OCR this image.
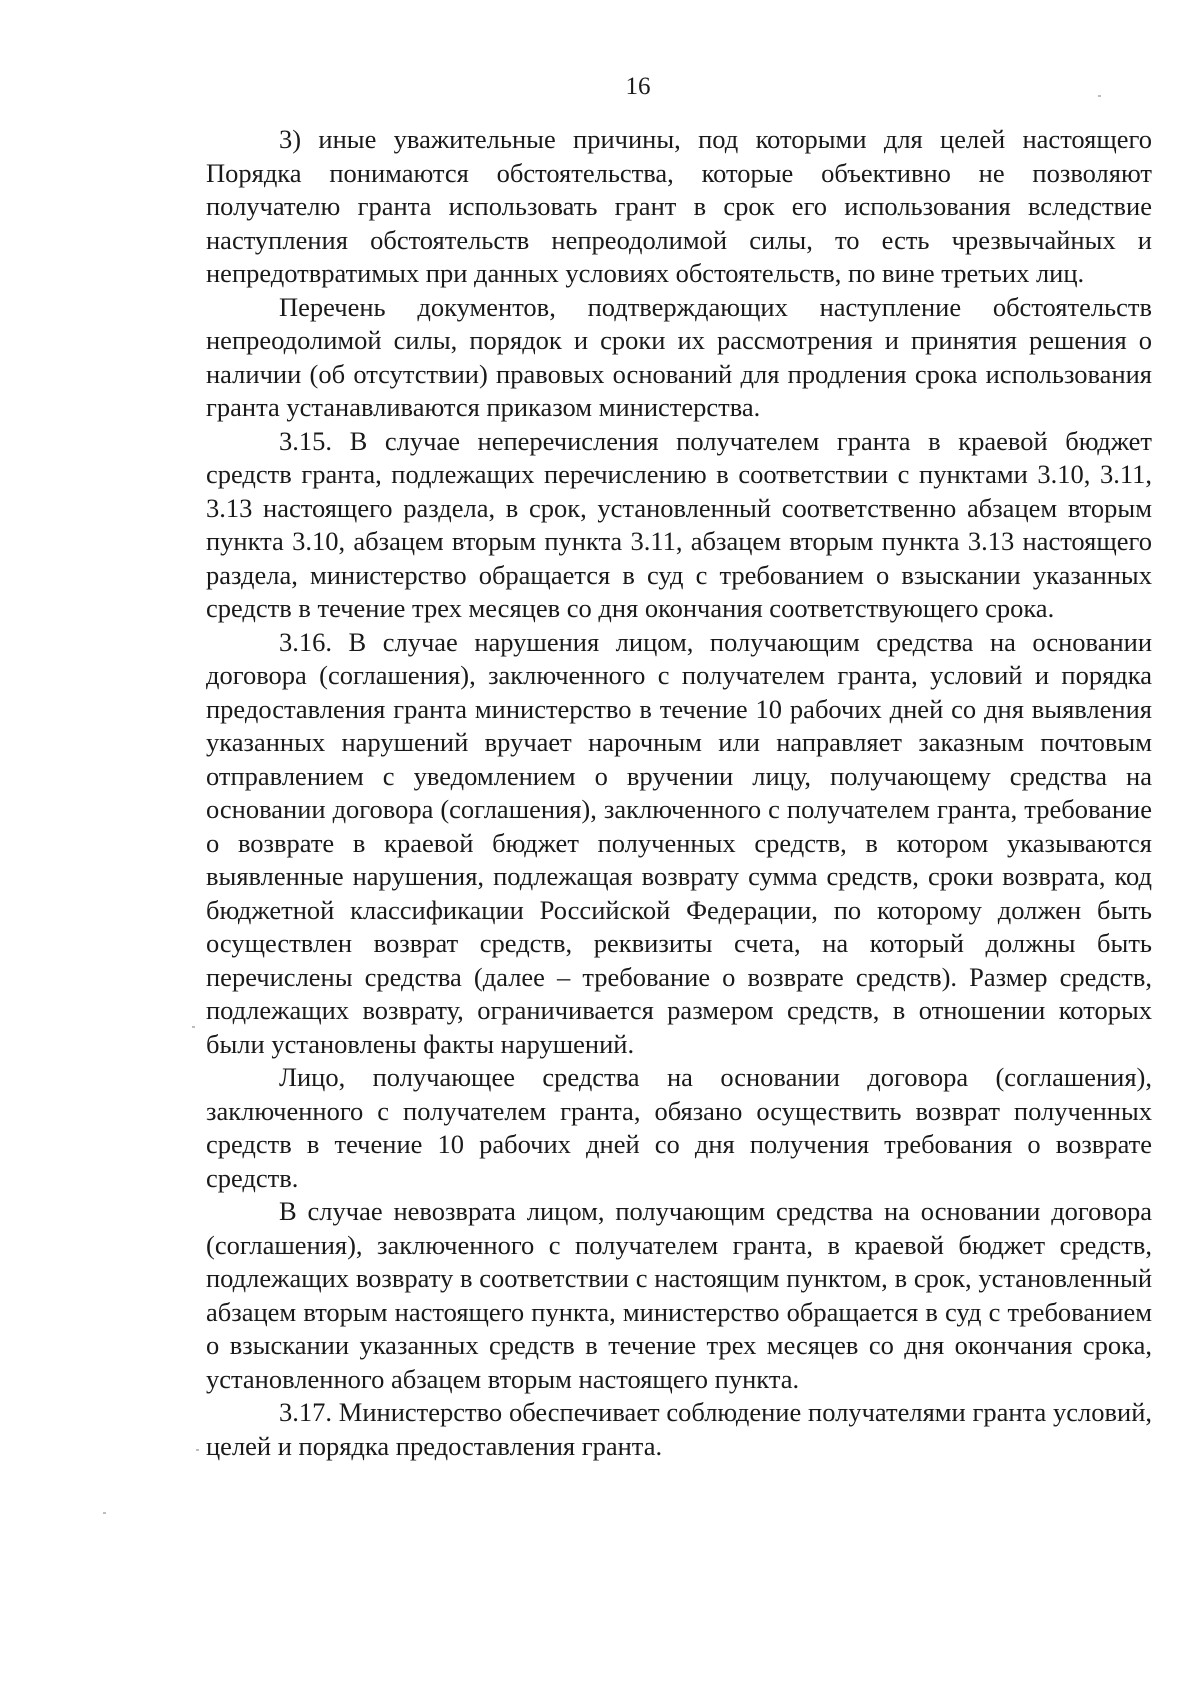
16

3) иные уважительные причины, под которыми для целей настоящего Порядка понимаются обстоятельства, которые объективно не позволяют получателю гранта использовать грант в срок его использования вследствие наступления обстоятельств непреодолимой силы, то есть чрезвычайных и непредотвратимых при данных условиях обстоятельств, по вине третьих лиц.

Перечень документов, подтверждающих наступление обстоятельств непреодолимой силы, порядок и сроки их рассмотрения и принятия решения о наличии (об отсутствии) правовых оснований для продления срока использования гранта устанавливаются приказом министерства.

3.15. В случае неперечисления получателем гранта в краевой бюджет средств гранта, подлежащих перечислению в соответствии с пунктами 3.10, 3.11, 3.13 настоящего раздела, в срок, установленный соответственно абзацем вторым пункта 3.10, абзацем вторым пункта 3.11, абзацем вторым пункта 3.13 настоящего раздела, министерство обращается в суд с требованием о взыскании указанных средств в течение трех месяцев со дня окончания соответствующего срока.

3.16. В случае нарушения лицом, получающим средства на основании договора (соглашения), заключенного с получателем гранта, условий и порядка предоставления гранта министерство в течение 10 рабочих дней со дня выявления указанных нарушений вручает нарочным или направляет заказным почтовым отправлением с уведомлением о вручении лицу, получающему средства на основании договора (соглашения), заключенного с получателем гранта, требование о возврате в краевой бюджет полученных средств, в котором указываются выявленные нарушения, подлежащая возврату сумма средств, сроки возврата, код бюджетной классификации Российской Федерации, по которому должен быть осуществлен возврат средств, реквизиты счета, на который должны быть перечислены средства (далее – требование о возврате средств). Размер средств, подлежащих возврату, ограничивается размером средств, в отношении которых были установлены факты нарушений.

Лицо, получающее средства на основании договора (соглашения), заключенного с получателем гранта, обязано осуществить возврат полученных средств в течение 10 рабочих дней со дня получения требования о возврате средств.

В случае невозврата лицом, получающим средства на основании договора (соглашения), заключенного с получателем гранта, в краевой бюджет средств, подлежащих возврату в соответствии с настоящим пунктом, в срок, установленный абзацем вторым настоящего пункта, министерство обращается в суд с требованием о взыскании указанных средств в течение трех месяцев со дня окончания срока, установленного абзацем вторым настоящего пункта.

3.17. Министерство обеспечивает соблюдение получателями гранта условий, целей и порядка предоставления гранта.
